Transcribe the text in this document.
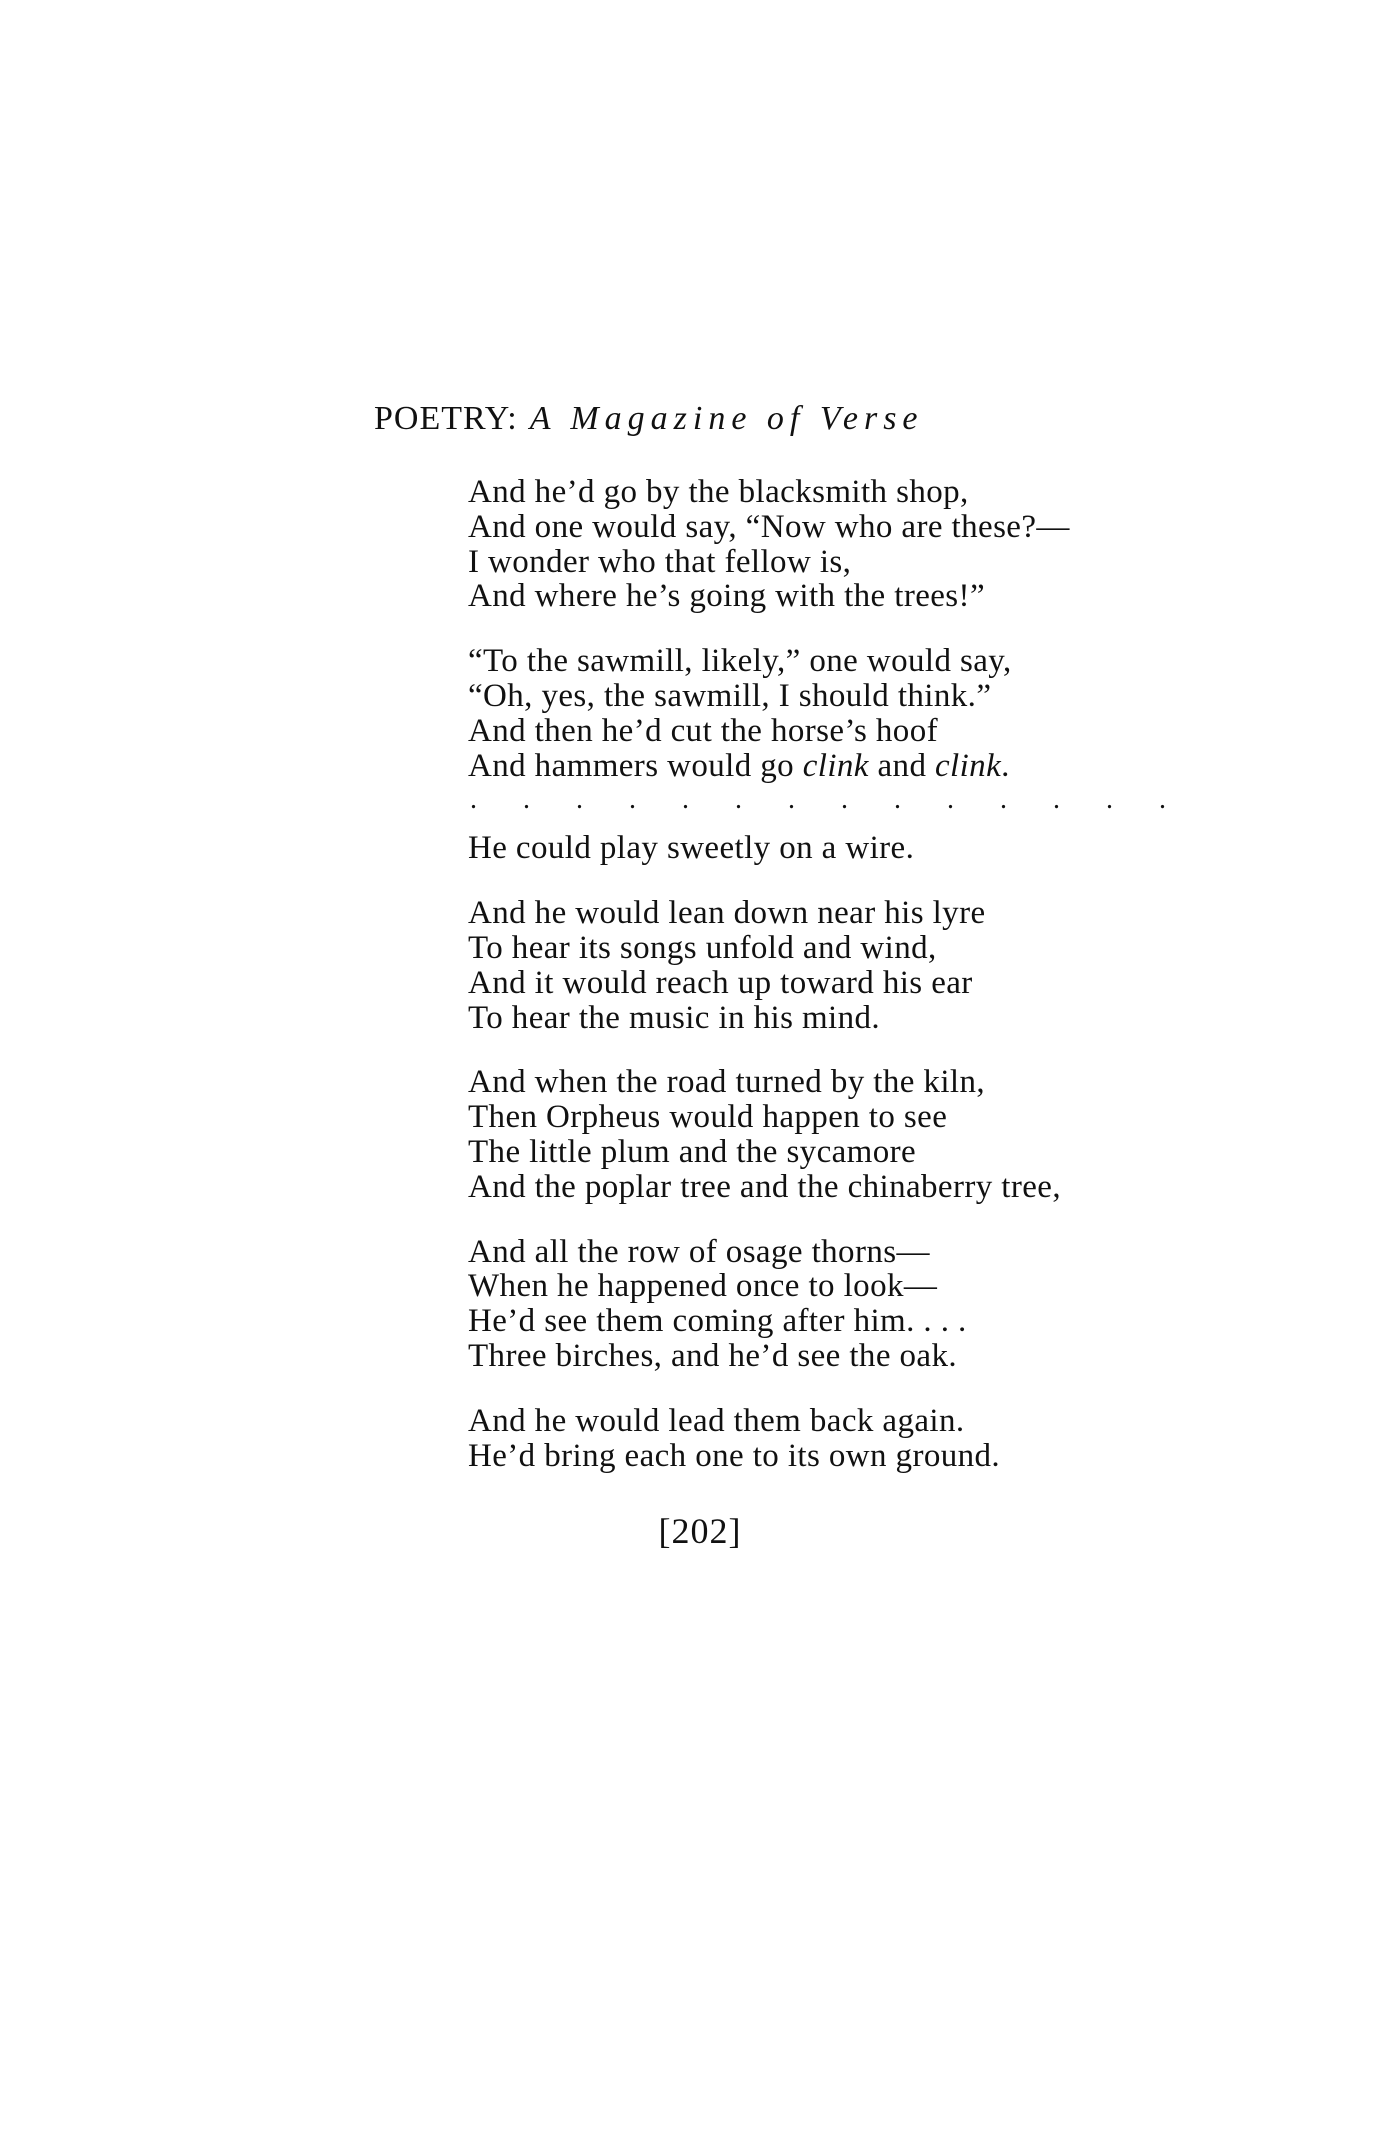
POETRY: A Magazine of Verse
And he’d go by the blacksmith shop,
And one would say, “Now who are these?—
I wonder who that fellow is,
And where he’s going with the trees!”
“To the sawmill, likely,” one would say,
“Oh, yes, the sawmill, I should think.”
And then he’d cut the horse’s hoof
And hammers would go clink and clink.
. . . . . . . . . . . . . .
He could play sweetly on a wire.
And he would lean down near his lyre
To hear its songs unfold and wind,
And it would reach up toward his ear
To hear the music in his mind.
And when the road turned by the kiln,
Then Orpheus would happen to see
The little plum and the sycamore
And the poplar tree and the chinaberry tree,
And all the row of osage thorns—
When he happened once to look—
He’d see them coming after him. . . .
Three birches, and he’d see the oak.
And he would lead them back again.
He’d bring each one to its own ground.
[202]
